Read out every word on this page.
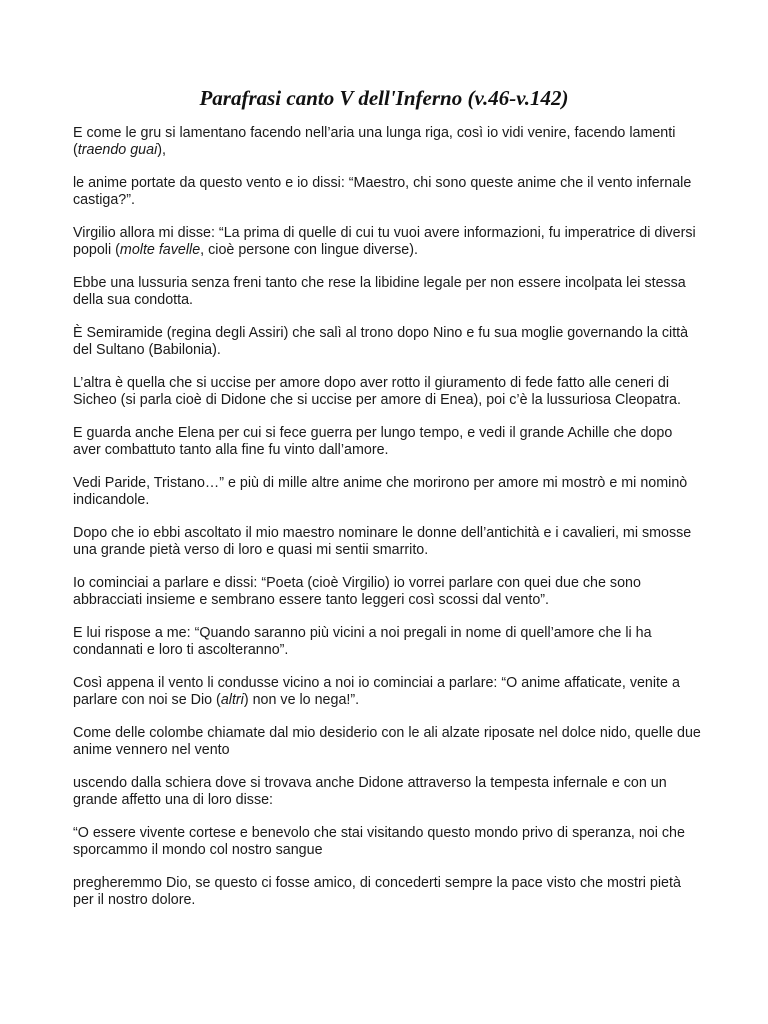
Parafrasi canto V dell'Inferno (v.46-v.142)

E come le gru si lamentano facendo nell’aria una lunga riga, così io vidi venire, facendo lamenti (traendo guai),

le anime portate da questo vento e io dissi: “Maestro, chi sono queste anime che il vento infernale castiga?”.

Virgilio allora mi disse: “La prima di quelle di cui tu vuoi avere informazioni, fu imperatrice di diversi popoli (molte favelle, cioè persone con lingue diverse).

Ebbe una lussuria senza freni tanto che rese la libidine legale per non essere incolpata lei stessa della sua condotta.

È Semiramide (regina degli Assiri) che salì al trono dopo Nino e fu sua moglie governando la città del Sultano (Babilonia).

L’altra è quella che si uccise per amore dopo aver rotto il giuramento di fede fatto alle ceneri di Sicheo (si parla cioè di Didone che si uccise per amore di Enea), poi c’è la lussuriosa Cleopatra.

E guarda anche Elena per cui si fece guerra per lungo tempo, e vedi il grande Achille che dopo aver combattuto tanto alla fine fu vinto dall’amore.

Vedi Paride, Tristano…” e più di mille altre anime che morirono per amore mi mostrò e mi nominò indicandole.

Dopo che io ebbi ascoltato il mio maestro nominare le donne dell’antichità e i cavalieri, mi smosse una grande pietà verso di loro e quasi mi sentii smarrito.

Io cominciai a parlare e dissi: “Poeta (cioè Virgilio) io vorrei parlare con quei due che sono abbracciati insieme e sembrano essere tanto leggeri così scossi dal vento”.

E lui rispose a me: “Quando saranno più vicini a noi pregali in nome di quell’amore che li ha condannati e loro ti ascolteranno”.

Così appena il vento li condusse vicino a noi io cominciai a parlare: “O anime affaticate, venite a parlare con noi se Dio (altri) non ve lo nega!”.

Come delle colombe chiamate dal mio desiderio con le ali alzate riposate nel dolce nido, quelle due anime vennero nel vento

uscendo dalla schiera dove si trovava anche Didone attraverso la tempesta infernale e con un grande affetto una di loro disse:

“O essere vivente cortese e benevolo che stai visitando questo mondo privo di speranza, noi che sporcammo il mondo col nostro sangue

pregheremmo Dio, se questo ci fosse amico, di concederti sempre la pace visto che mostri pietà per il nostro dolore.
